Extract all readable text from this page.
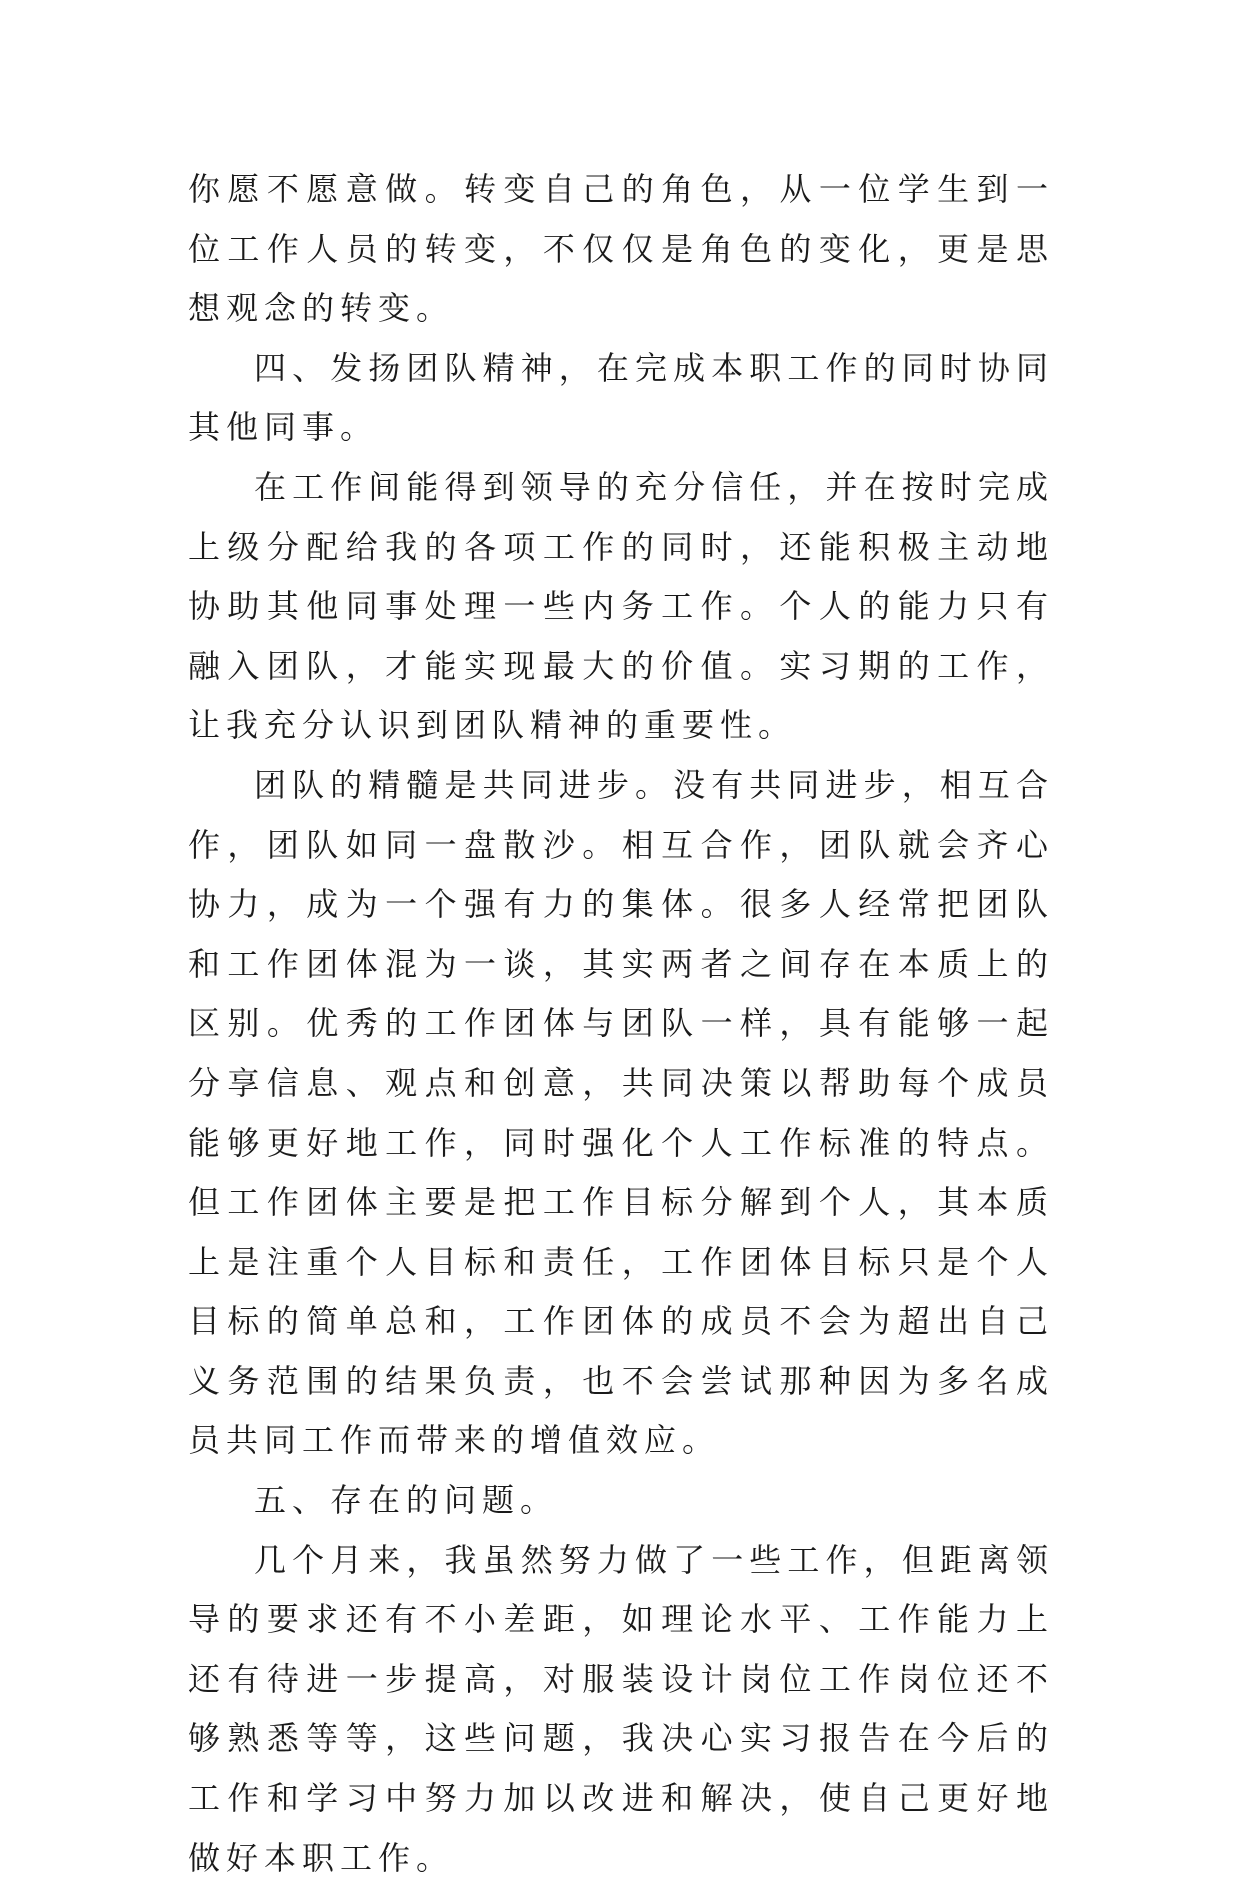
你愿不愿意做。转变自己的角色，从一位学生到一位工作人员的转变，不仅仅是角色的变化，更是思想观念的转变。

四、发扬团队精神，在完成本职工作的同时协同其他同事。

在工作间能得到领导的充分信任，并在按时完成上级分配给我的各项工作的同时，还能积极主动地协助其他同事处理一些内务工作。个人的能力只有融入团队，才能实现最大的价值。实习期的工作，让我充分认识到团队精神的重要性。

团队的精髓是共同进步。没有共同进步，相互合作，团队如同一盘散沙。相互合作，团队就会齐心协力，成为一个强有力的集体。很多人经常把团队和工作团体混为一谈，其实两者之间存在本质上的区别。优秀的工作团体与团队一样，具有能够一起分享信息、观点和创意，共同决策以帮助每个成员能够更好地工作，同时强化个人工作标准的特点。但工作团体主要是把工作目标分解到个人，其本质上是注重个人目标和责任，工作团体目标只是个人目标的简单总和，工作团体的成员不会为超出自己义务范围的结果负责，也不会尝试那种因为多名成员共同工作而带来的增值效应。

五、存在的问题。

几个月来，我虽然努力做了一些工作，但距离领导的要求还有不小差距，如理论水平、工作能力上还有待进一步提高，对服装设计岗位工作岗位还不够熟悉等等，这些问题，我决心实习报告在今后的工作和学习中努力加以改进和解决，使自己更好地做好本职工作。
